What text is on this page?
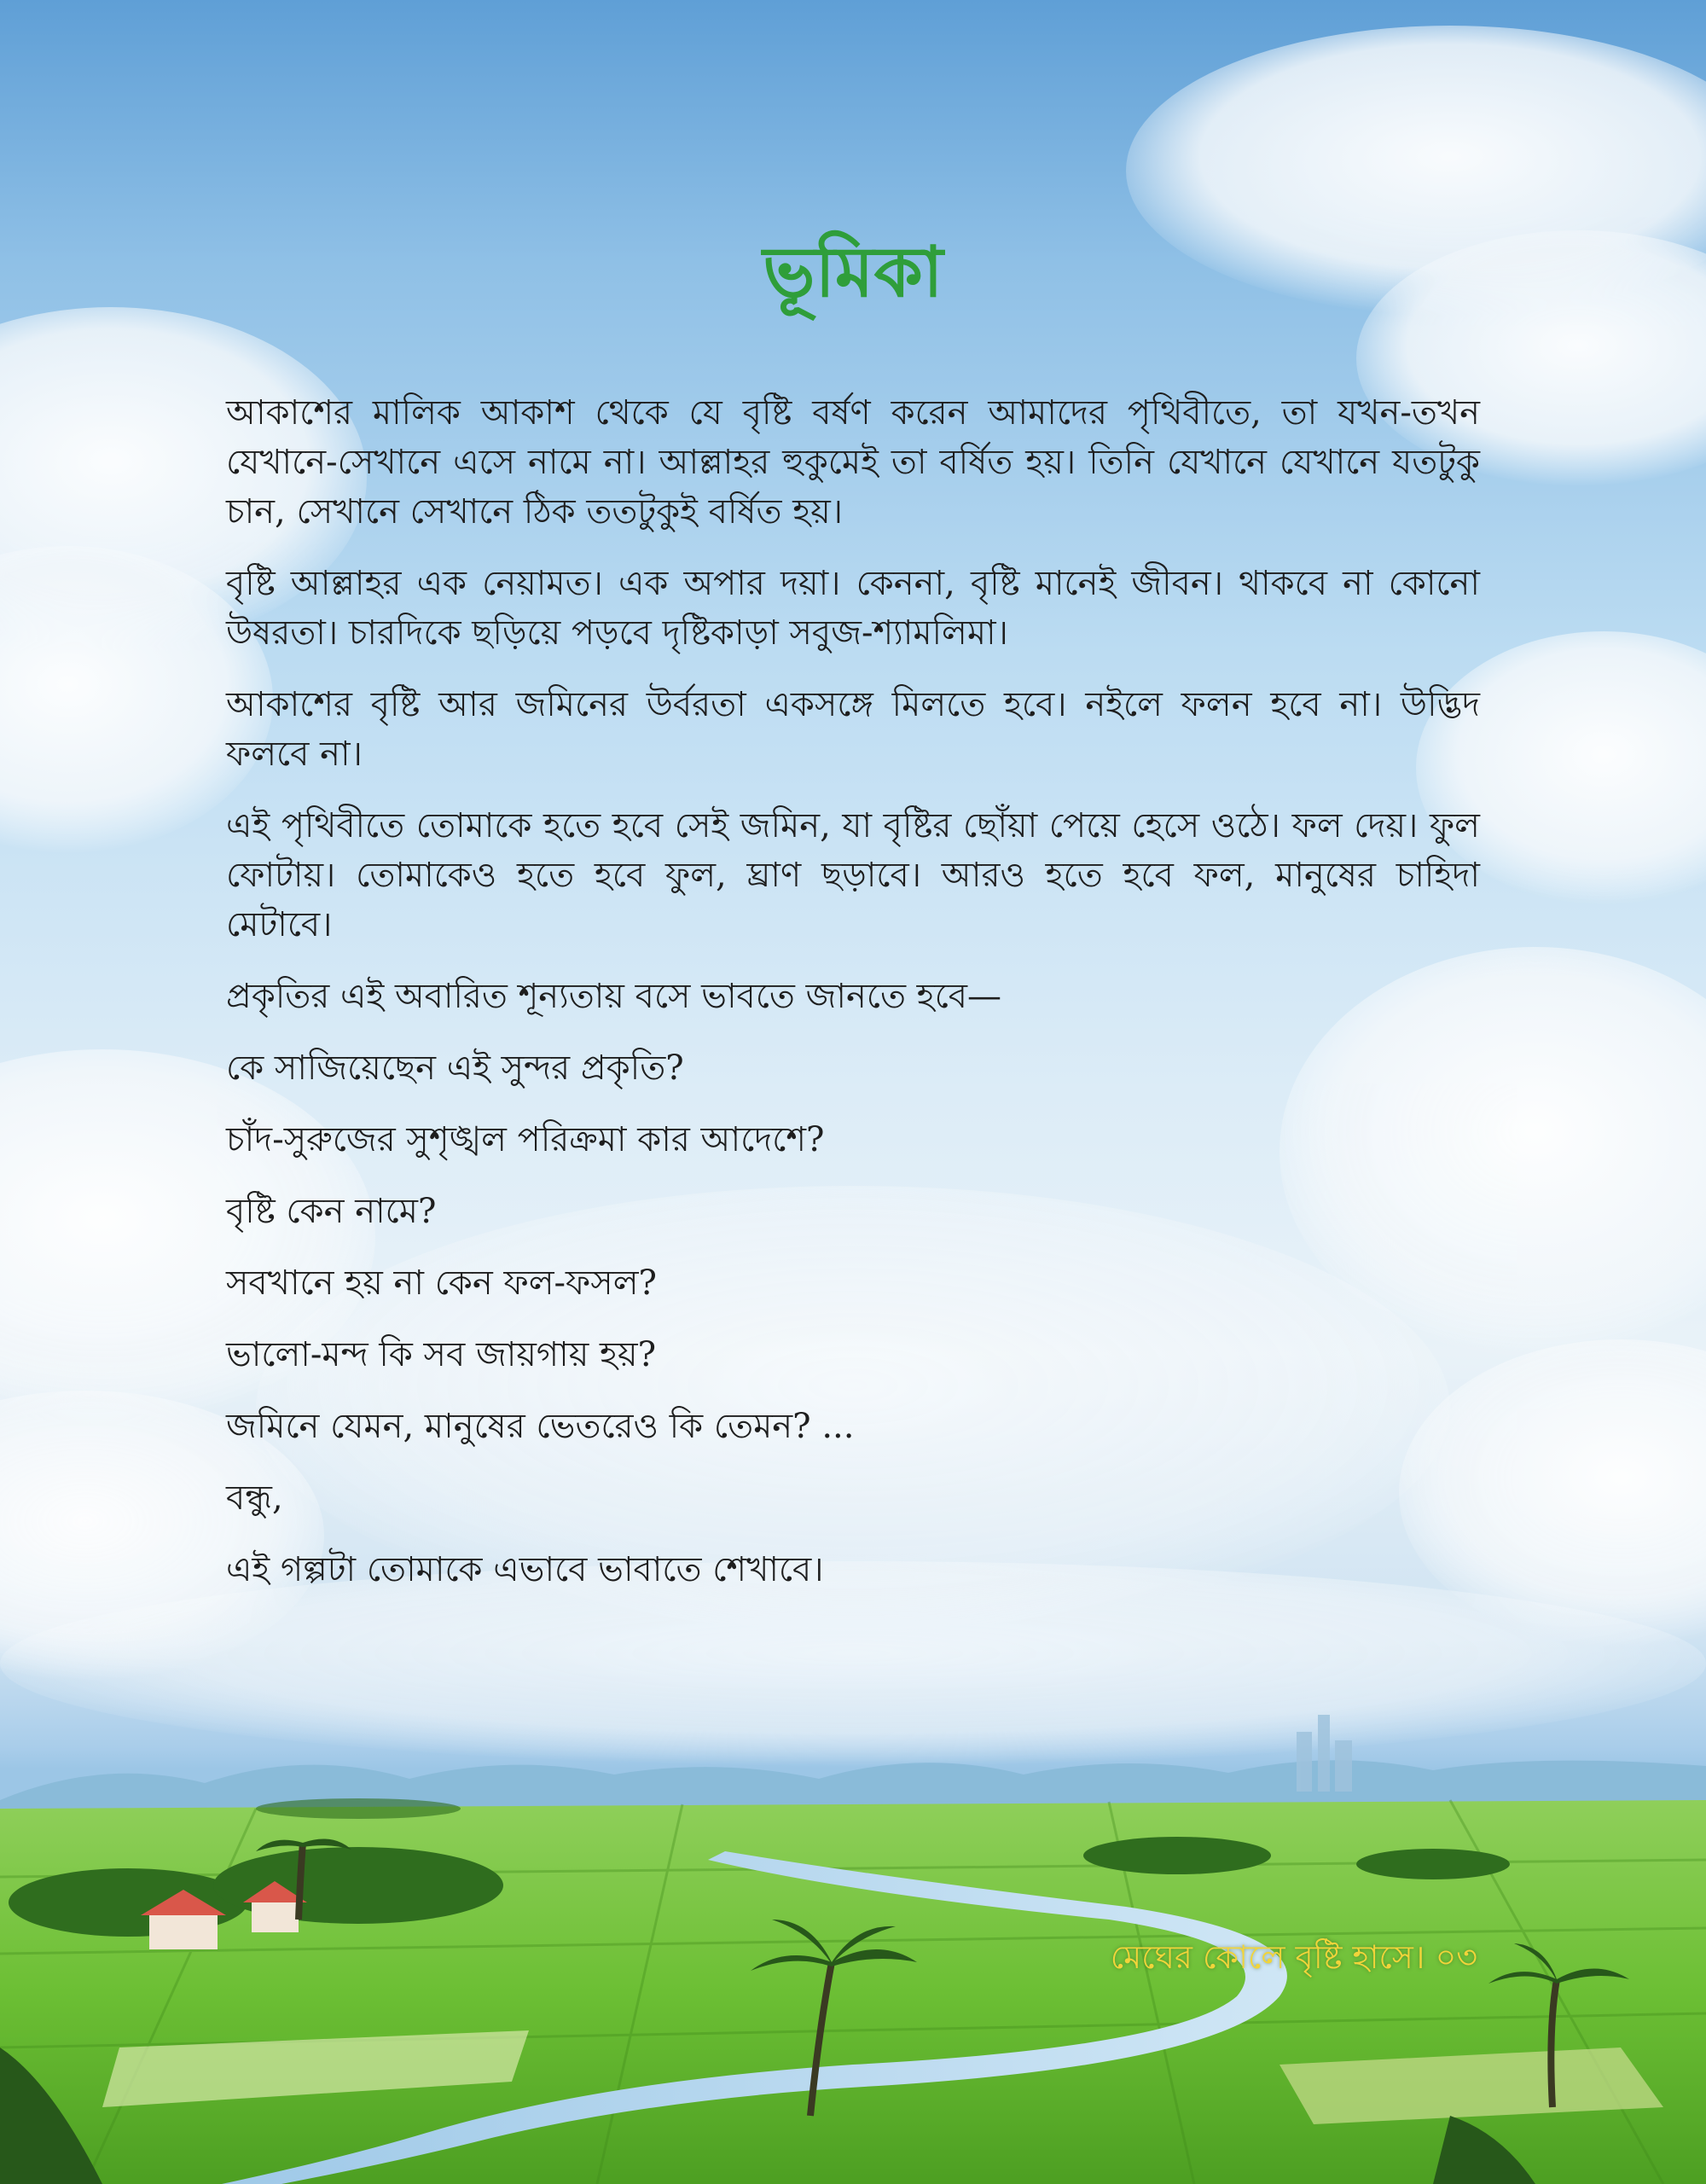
ভূমিকা

আকাশের মালিক আকাশ থেকে যে বৃষ্টি বর্ষণ করেন আমাদের পৃথিবীতে, তা যখন-তখন যেখানে-সেখানে এসে নামে না। আল্লাহর হুকুমেই তা বর্ষিত হয়। তিনি যেখানে যেখানে যতটুকু চান, সেখানে সেখানে ঠিক ততটুকুই বর্ষিত হয়।

বৃষ্টি আল্লাহর এক নেয়ামত। এক অপার দয়া। কেননা, বৃষ্টি মানেই জীবন। থাকবে না কোনো উষরতা। চারদিকে ছড়িয়ে পড়বে দৃষ্টিকাড়া সবুজ-শ্যামলিমা।

আকাশের বৃষ্টি আর জমিনের উর্বরতা একসঙ্গে মিলতে হবে। নইলে ফলন হবে না। উদ্ভিদ ফলবে না।

এই পৃথিবীতে তোমাকে হতে হবে সেই জমিন, যা বৃষ্টির ছোঁয়া পেয়ে হেসে ওঠে। ফল দেয়। ফুল ফোটায়। তোমাকেও হতে হবে ফুল, ঘ্রাণ ছড়াবে। আরও হতে হবে ফল, মানুষের চাহিদা মেটাবে।

প্রকৃতির এই অবারিত শূন্যতায় বসে ভাবতে জানতে হবে—

কে সাজিয়েছেন এই সুন্দর প্রকৃতি?

চাঁদ-সুরুজের সুশৃঙ্খল পরিক্রমা কার আদেশে?

বৃষ্টি কেন নামে?

সবখানে হয় না কেন ফল-ফসল?

ভালো-মন্দ কি সব জায়গায় হয়?

জমিনে যেমন, মানুষের ভেতরেও কি তেমন? ...

বন্ধু,

এই গল্পটা তোমাকে এভাবে ভাবাতে শেখাবে।

মেঘের কোলে বৃষ্টি হাসে। ০৩
